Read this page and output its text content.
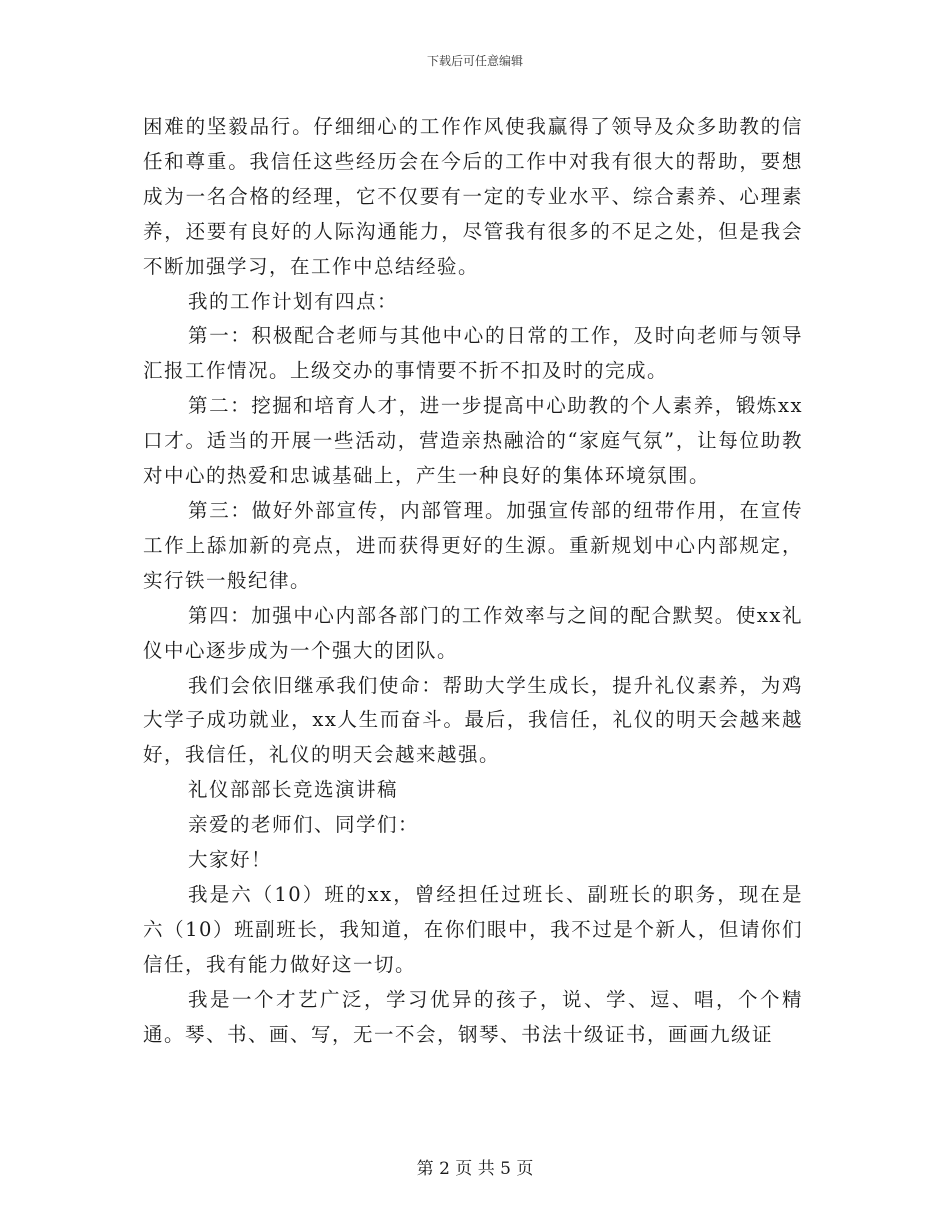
下载后可任意编辑

困难的坚毅品行。仔细细心的工作作风使我赢得了领导及众多助教的信任和尊重。我信任这些经历会在今后的工作中对我有很大的帮助，要想成为一名合格的经理，它不仅要有一定的专业水平、综合素养、心理素养，还要有良好的人际沟通能力，尽管我有很多的不足之处，但是我会不断加强学习，在工作中总结经验。

我的工作计划有四点：

第一：积极配合老师与其他中心的日常的工作，及时向老师与领导汇报工作情况。上级交办的事情要不折不扣及时的完成。

第二：挖掘和培育人才，进一步提高中心助教的个人素养，锻炼xx口才。适当的开展一些活动，营造亲热融洽的“家庭气氛”，让每位助教对中心的热爱和忠诚基础上，产生一种良好的集体环境氛围。

第三：做好外部宣传，内部管理。加强宣传部的纽带作用，在宣传工作上舔加新的亮点，进而获得更好的生源。重新规划中心内部规定，实行铁一般纪律。

第四：加强中心内部各部门的工作效率与之间的配合默契。使xx礼仪中心逐步成为一个强大的团队。

我们会依旧继承我们使命：帮助大学生成长，提升礼仪素养，为鸡大学子成功就业，xx人生而奋斗。最后，我信任，礼仪的明天会越来越好，我信任，礼仪的明天会越来越强。

礼仪部部长竞选演讲稿

亲爱的老师们、同学们：

大家好！

我是六（10）班的xx，曾经担任过班长、副班长的职务，现在是六（10）班副班长，我知道，在你们眼中，我不过是个新人，但请你们信任，我有能力做好这一切。

我是一个才艺广泛，学习优异的孩子，说、学、逗、唱，个个精通。琴、书、画、写，无一不会，钢琴、书法十级证书，画画九级证

第 2 页 共 5 页
